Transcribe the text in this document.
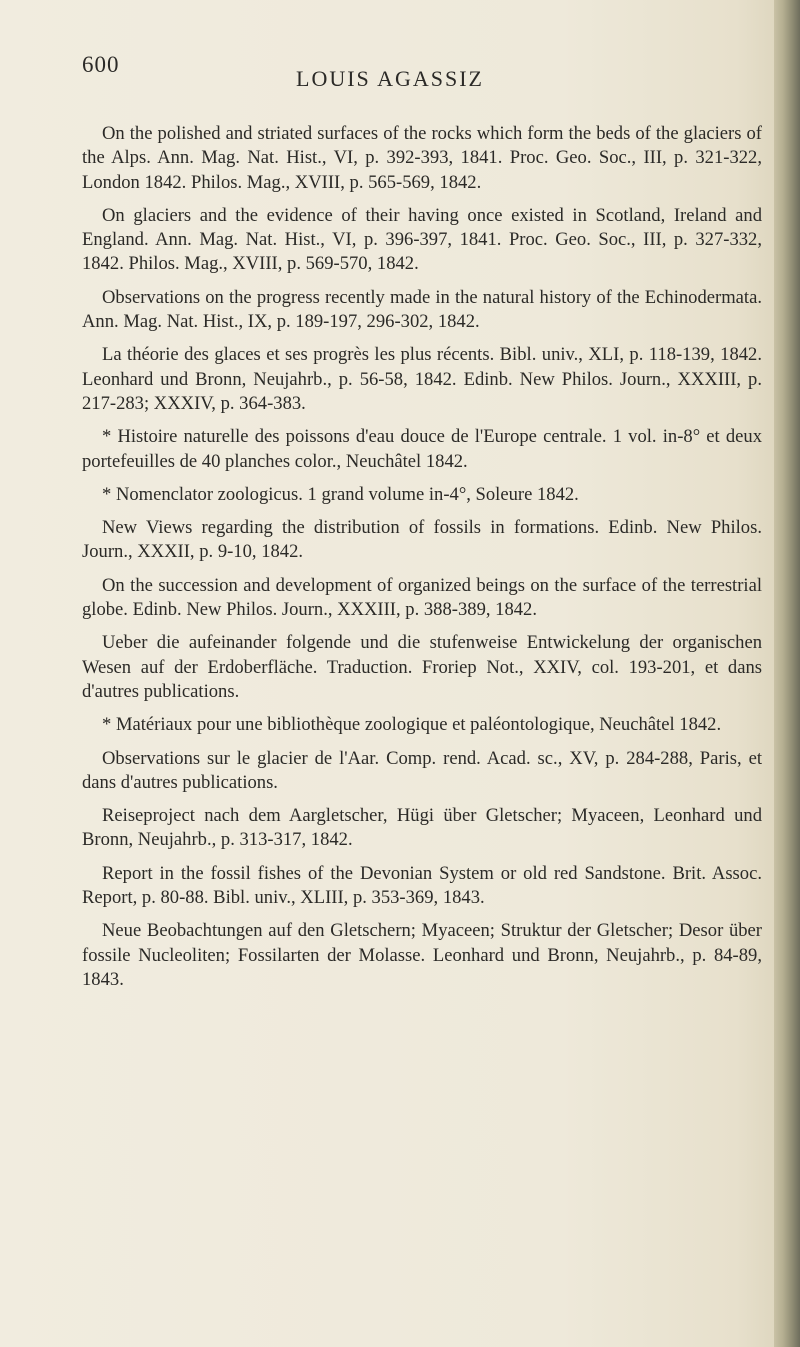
600
LOUIS AGASSIZ

On the polished and striated surfaces of the rocks which form the beds of the glaciers of the Alps. Ann. Mag. Nat. Hist., VI, p. 392-393, 1841. Proc. Geo. Soc., III, p. 321-322, London 1842. Philos. Mag., XVIII, p. 565-569, 1842.

On glaciers and the evidence of their having once existed in Scotland, Ireland and England. Ann. Mag. Nat. Hist., VI, p. 396-397, 1841. Proc. Geo. Soc., III, p. 327-332, 1842. Philos. Mag., XVIII, p. 569-570, 1842.

Observations on the progress recently made in the natural history of the Echinodermata. Ann. Mag. Nat. Hist., IX, p. 189-197, 296-302, 1842.

La théorie des glaces et ses progrès les plus récents. Bibl. univ., XLI, p. 118-139, 1842. Leonhard und Bronn, Neujahrb., p. 56-58, 1842. Edinb. New Philos. Journ., XXXIII, p. 217-283; XXXIV, p. 364-383.

* Histoire naturelle des poissons d'eau douce de l'Europe centrale. 1 vol. in-8° et deux portefeuilles de 40 planches color., Neuchâtel 1842.

* Nomenclator zoologicus. 1 grand volume in-4°, Soleure 1842.

New Views regarding the distribution of fossils in formations. Edinb. New Philos. Journ., XXXII, p. 9-10, 1842.

On the succession and development of organized beings on the surface of the terrestrial globe. Edinb. New Philos. Journ., XXXIII, p. 388-389, 1842.

Ueber die aufeinander folgende und die stufenweise Entwickelung der organischen Wesen auf der Erdoberfläche. Traduction. Froriep Not., XXIV, col. 193-201, et dans d'autres publications.

* Matériaux pour une bibliothèque zoologique et paléontologique, Neuchâtel 1842.

Observations sur le glacier de l'Aar. Comp. rend. Acad. sc., XV, p. 284-288, Paris, et dans d'autres publications.

Reiseproject nach dem Aargletscher, Hügi über Gletscher; Myaceen, Leonhard und Bronn, Neujahrb., p. 313-317, 1842.

Report in the fossil fishes of the Devonian System or old red Sandstone. Brit. Assoc. Report, p. 80-88. Bibl. univ., XLIII, p. 353-369, 1843.

Neue Beobachtungen auf den Gletschern; Myaceen; Struktur der Gletscher; Desor über fossile Nucleoliten; Fossilarten der Molasse. Leonhard und Bronn, Neujahrb., p. 84-89, 1843.
